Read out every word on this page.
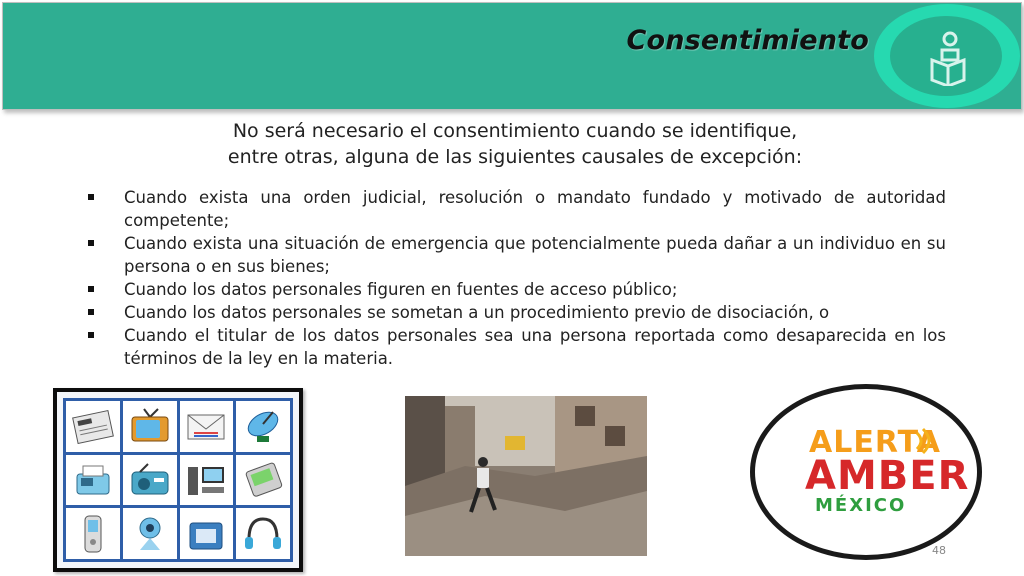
Consentimiento
No será necesario el consentimiento cuando se identifique,
entre otras, alguna de las siguientes causales de excepción:
Cuando exista una orden judicial, resolución o mandato fundado y motivado de autoridad competente;
Cuando exista una situación de emergencia que potencialmente pueda dañar a un individuo en su persona o en sus bienes;
Cuando los datos personales figuren en fuentes de acceso público;
Cuando los datos personales se sometan a un procedimiento previo de disociación, o
Cuando el titular de los datos personales sea una persona reportada como desaparecida en los términos de la ley en la materia.
ALERTA
AMBER
MÉXICO
48
